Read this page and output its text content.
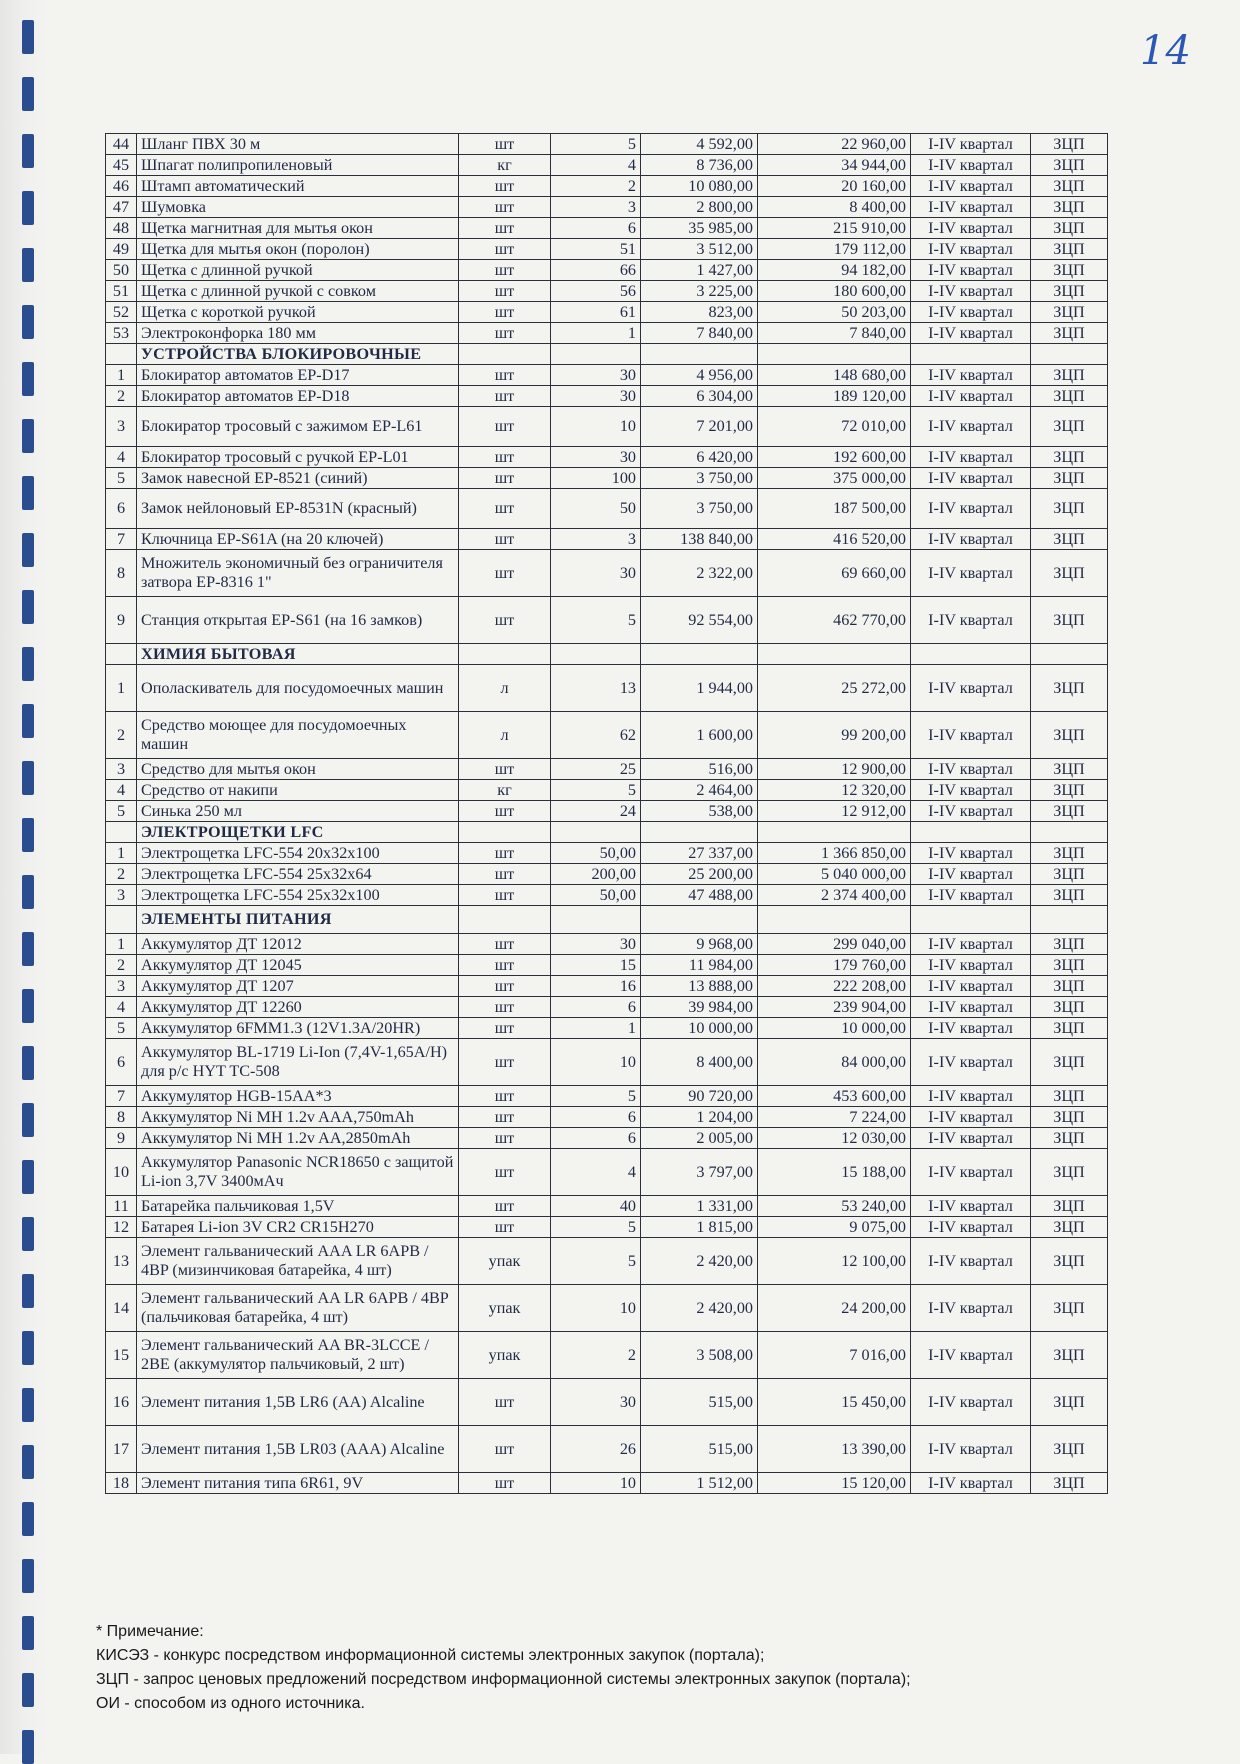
14
44	Шланг ПВХ 30 м	шт	5	4 592,00	22 960,00	I-IV квартал	ЗЦП
45	Шпагат полипропиленовый	кг	4	8 736,00	34 944,00	I-IV квартал	ЗЦП
46	Штамп автоматический	шт	2	10 080,00	20 160,00	I-IV квартал	ЗЦП
47	Шумовка	шт	3	2 800,00	8 400,00	I-IV квартал	ЗЦП
48	Щетка магнитная для мытья окон	шт	6	35 985,00	215 910,00	I-IV квартал	ЗЦП
49	Щетка для мытья окон (поролон)	шт	51	3 512,00	179 112,00	I-IV квартал	ЗЦП
50	Щетка с длинной ручкой	шт	66	1 427,00	94 182,00	I-IV квартал	ЗЦП
51	Щетка с длинной ручкой с совком	шт	56	3 225,00	180 600,00	I-IV квартал	ЗЦП
52	Щетка с короткой ручкой	шт	61	823,00	50 203,00	I-IV квартал	ЗЦП
53	Электроконфорка 180 мм	шт	1	7 840,00	7 840,00	I-IV квартал	ЗЦП
	УСТРОЙСТВА БЛОКИРОВОЧНЫЕ						
1	Блокиратор автоматов ЕР-D17	шт	30	4 956,00	148 680,00	I-IV квартал	ЗЦП
2	Блокиратор автоматов ЕР-D18	шт	30	6 304,00	189 120,00	I-IV квартал	ЗЦП
3	Блокиратор тросовый с зажимом ЕР-L61	шт	10	7 201,00	72 010,00	I-IV квартал	ЗЦП
4	Блокиратор тросовый с ручкой ЕР-L01	шт	30	6 420,00	192 600,00	I-IV квартал	ЗЦП
5	Замок навесной ЕР-8521 (синий)	шт	100	3 750,00	375 000,00	I-IV квартал	ЗЦП
6	Замок нейлоновый ЕР-8531N (красный)	шт	50	3 750,00	187 500,00	I-IV квартал	ЗЦП
7	Ключница ЕР-S61A (на 20 ключей)	шт	3	138 840,00	416 520,00	I-IV квартал	ЗЦП
8	Множитель экономичный без ограничителя затвора ЕР-8316 1"	шт	30	2 322,00	69 660,00	I-IV квартал	ЗЦП
9	Станция открытая ЕР-S61 (на 16 замков)	шт	5	92 554,00	462 770,00	I-IV квартал	ЗЦП
	ХИМИЯ БЫТОВАЯ						
1	Ополаскиватель для посудомоечных машин	л	13	1 944,00	25 272,00	I-IV квартал	ЗЦП
2	Средство моющее для посудомоечных машин	л	62	1 600,00	99 200,00	I-IV квартал	ЗЦП
3	Средство для мытья окон	шт	25	516,00	12 900,00	I-IV квартал	ЗЦП
4	Средство от накипи	кг	5	2 464,00	12 320,00	I-IV квартал	ЗЦП
5	Синька 250 мл	шт	24	538,00	12 912,00	I-IV квартал	ЗЦП
	ЭЛЕКТРОЩЕТКИ LFC						
1	Электрощетка LFC-554 20х32х100	шт	50,00	27 337,00	1 366 850,00	I-IV квартал	ЗЦП
2	Электрощетка LFC-554 25х32х64	шт	200,00	25 200,00	5 040 000,00	I-IV квартал	ЗЦП
3	Электрощетка LFC-554 25х32х100	шт	50,00	47 488,00	2 374 400,00	I-IV квартал	ЗЦП
	ЭЛЕМЕНТЫ ПИТАНИЯ						
1	Аккумулятор ДТ 12012	шт	30	9 968,00	299 040,00	I-IV квартал	ЗЦП
2	Аккумулятор ДТ 12045	шт	15	11 984,00	179 760,00	I-IV квартал	ЗЦП
3	Аккумулятор ДТ 1207	шт	16	13 888,00	222 208,00	I-IV квартал	ЗЦП
4	Аккумулятор ДТ 12260	шт	6	39 984,00	239 904,00	I-IV квартал	ЗЦП
5	Аккумулятор 6FMM1.3 (12V1.3A/20HR)	шт	1	10 000,00	10 000,00	I-IV квартал	ЗЦП
6	Аккумулятор BL-1719 Li-Ion (7,4V-1,65A/H) для р/с HYT TC-508	шт	10	8 400,00	84 000,00	I-IV квартал	ЗЦП
7	Аккумулятор HGB-15AA*3	шт	5	90 720,00	453 600,00	I-IV квартал	ЗЦП
8	Аккумулятор Ni MH 1.2v AAA,750mAh	шт	6	1 204,00	7 224,00	I-IV квартал	ЗЦП
9	Аккумулятор Ni MH 1.2v AA,2850mAh	шт	6	2 005,00	12 030,00	I-IV квартал	ЗЦП
10	Аккумулятор Panasonic NCR18650 с защитой Li-ion 3,7V 3400мАч	шт	4	3 797,00	15 188,00	I-IV квартал	ЗЦП
11	Батарейка пальчиковая 1,5V	шт	40	1 331,00	53 240,00	I-IV квартал	ЗЦП
12	Батарея Li-ion 3V CR2 CR15H270	шт	5	1 815,00	9 075,00	I-IV квартал	ЗЦП
13	Элемент гальванический AAA LR 6APB / 4BP (мизинчиковая батарейка, 4 шт)	упак	5	2 420,00	12 100,00	I-IV квартал	ЗЦП
14	Элемент гальванический AA LR 6APB / 4BP (пальчиковая батарейка, 4 шт)	упак	10	2 420,00	24 200,00	I-IV квартал	ЗЦП
15	Элемент гальванический AA BR-3LCCE / 2BE (аккумулятор пальчиковый, 2 шт)	упак	2	3 508,00	7 016,00	I-IV квартал	ЗЦП
16	Элемент питания 1,5В LR6 (AA) Alcaline	шт	30	515,00	15 450,00	I-IV квартал	ЗЦП
17	Элемент питания 1,5В LR03 (AAA) Alcaline	шт	26	515,00	13 390,00	I-IV квартал	ЗЦП
18	Элемент питания типа 6R61, 9V	шт	10	1 512,00	15 120,00	I-IV квартал	ЗЦП
* Примечание:
КИСЭЗ - конкурс посредством информационной системы электронных закупок (портала);
ЗЦП - запрос ценовых предложений посредством информационной системы электронных закупок (портала);
ОИ - способом из одного источника.
